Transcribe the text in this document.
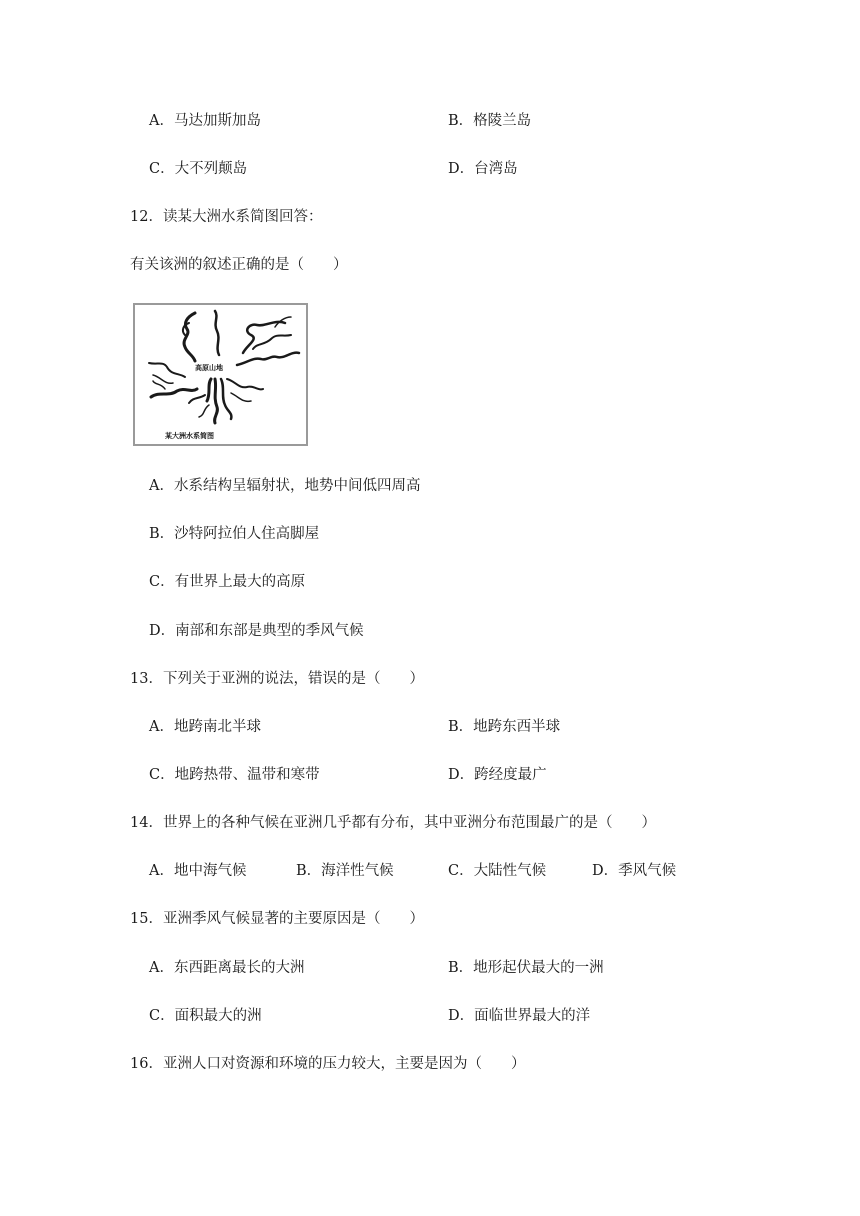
A．马达加斯加岛	B．格陵兰岛
C．大不列颠岛	D．台湾岛
12．读某大洲水系简图回答：
有关该洲的叙述正确的是（　　）
高原山地
某大洲水系简图
A．水系结构呈辐射状，地势中间低四周高
B．沙特阿拉伯人住高脚屋
C．有世界上最大的高原
D．南部和东部是典型的季风气候
13．下列关于亚洲的说法，错误的是（　　）
A．地跨南北半球	B．地跨东西半球
C．地跨热带、温带和寒带	D．跨经度最广
14．世界上的各种气候在亚洲几乎都有分布，其中亚洲分布范围最广的是（　　）
A．地中海气候	B．海洋性气候	C．大陆性气候	D．季风气候
15．亚洲季风气候显著的主要原因是（　　）
A．东西距离最长的大洲	B．地形起伏最大的一洲
C．面积最大的洲	D．面临世界最大的洋
16．亚洲人口对资源和环境的压力较大，主要是因为（　　）
